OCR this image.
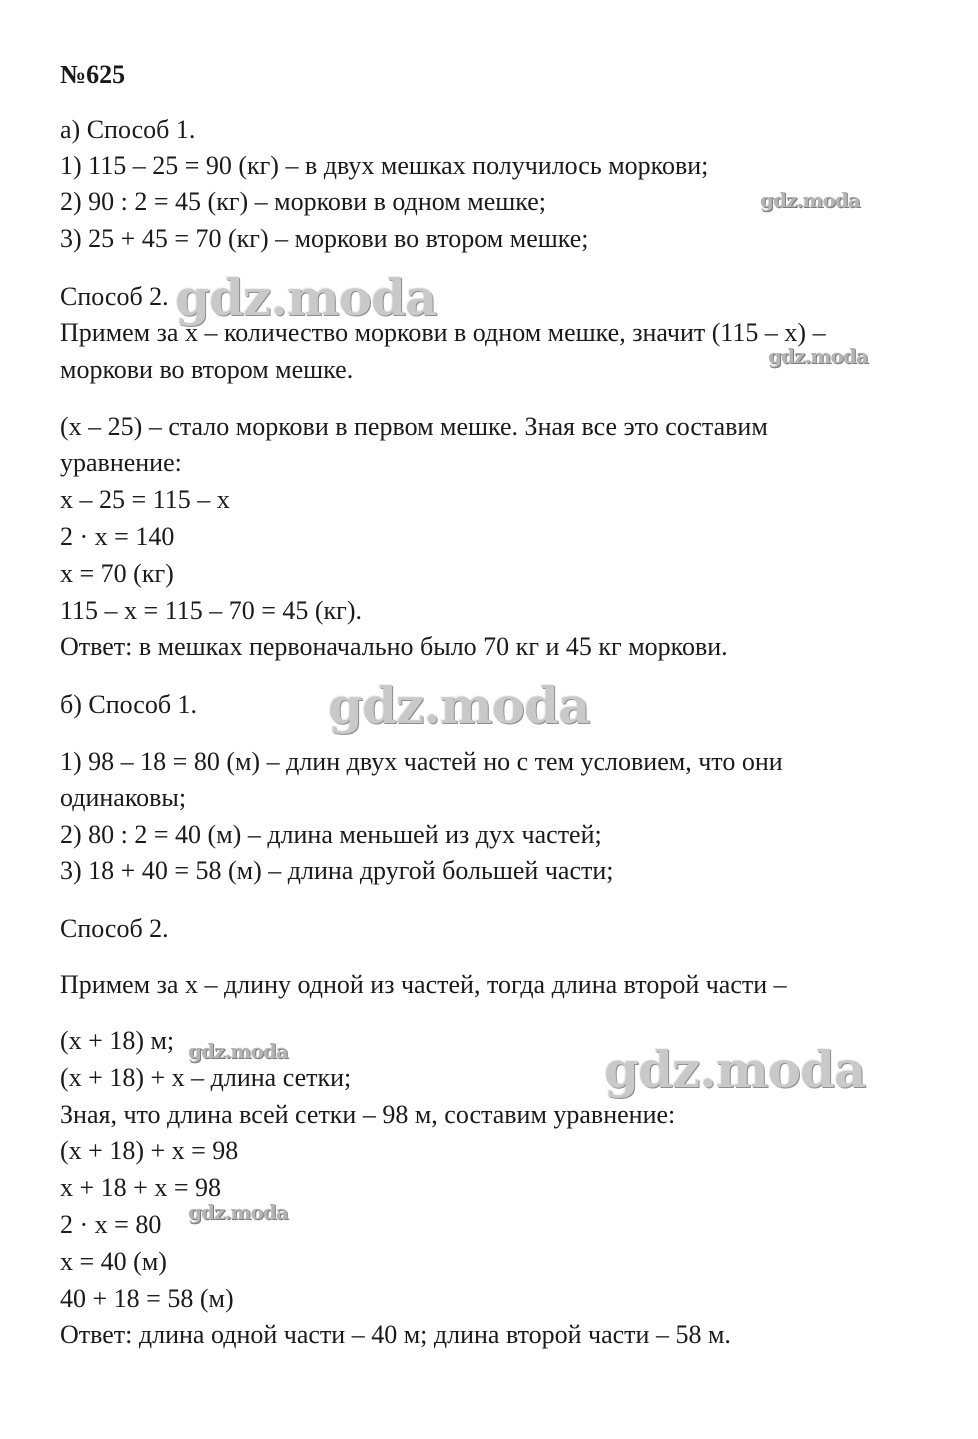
№625
а) Способ 1.
1) 115 – 25 = 90 (кг) – в двух мешках получилось моркови;
2) 90 : 2 = 45 (кг) – моркови в одном мешке;
3) 25 + 45 = 70 (кг) – моркови во втором мешке;
Способ 2.
Примем за x – количество моркови в одном мешке, значит (115 – x) –
моркови во втором мешке.
(x – 25) – стало моркови в первом мешке. Зная все это составим
уравнение:
x – 25 = 115 – x
2 · x = 140
x = 70 (кг)
115 – x = 115 – 70 = 45 (кг).
Ответ: в мешках первоначально было 70 кг и 45 кг моркови.
б) Способ 1.
1) 98 – 18 = 80 (м) – длин двух частей но с тем условием, что они
одинаковы;
2) 80 : 2 = 40 (м) – длина меньшей из дух частей;
3) 18 + 40 = 58 (м) – длина другой большей части;
Способ 2.
Примем за x – длину одной из частей, тогда длина второй части –
(x + 18) м;
(x + 18) + x – длина сетки;
Зная, что длина всей сетки – 98 м, составим уравнение:
(x + 18) + x = 98
x + 18 + x = 98
2 · x = 80
x = 40 (м)
40 + 18 = 58 (м)
Ответ: длина одной части – 40 м; длина второй части – 58 м.
gdz.moda
gdz.moda
gdz.moda
gdz.moda
gdz.moda	gdz.moda
gdz.moda
